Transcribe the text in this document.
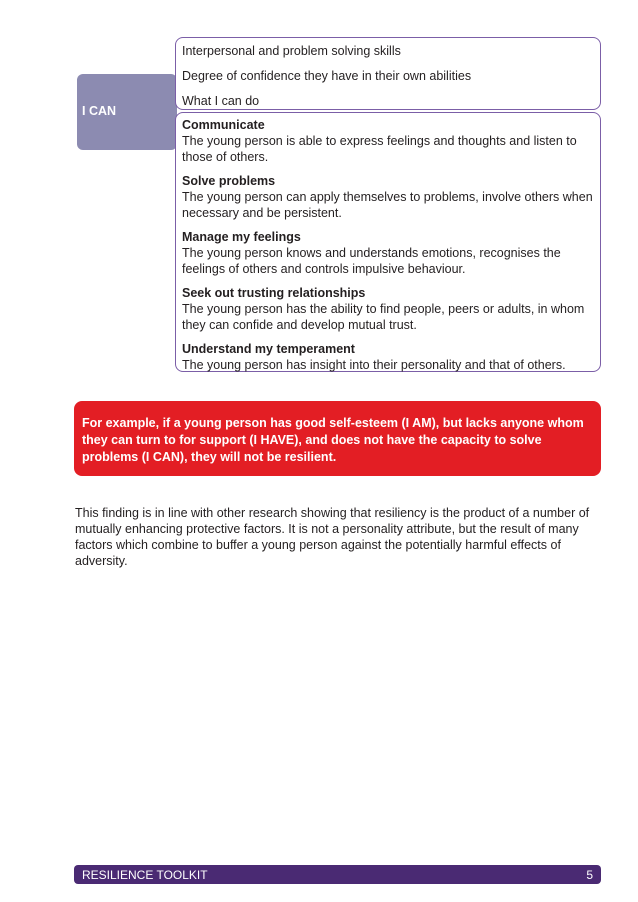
I CAN
Interpersonal and problem solving skills
Degree of confidence they have in their own abilities
What I can do
Communicate
The young person is able to express feelings and thoughts and listen to those of others.
Solve problems
The young person can apply themselves to problems, involve others when necessary and be persistent.
Manage my feelings
The young person knows and understands emotions, recognises the feelings of others and controls impulsive behaviour.
Seek out trusting relationships
The young person has the ability to find people, peers or adults, in whom they can confide and develop mutual trust.
Understand my temperament
The young person has insight into their personality and that of others.
For example, if a young person has good self-esteem (I AM), but lacks anyone whom they can turn to for support (I HAVE), and does not have the capacity to solve problems (I CAN), they will not be resilient.
This finding is in line with other research showing that resiliency is the product of a number of mutually enhancing protective factors. It is not a personality attribute, but the result of many factors which combine to buffer a young person against the potentially harmful effects of adversity.
RESILIENCE TOOLKIT	5
